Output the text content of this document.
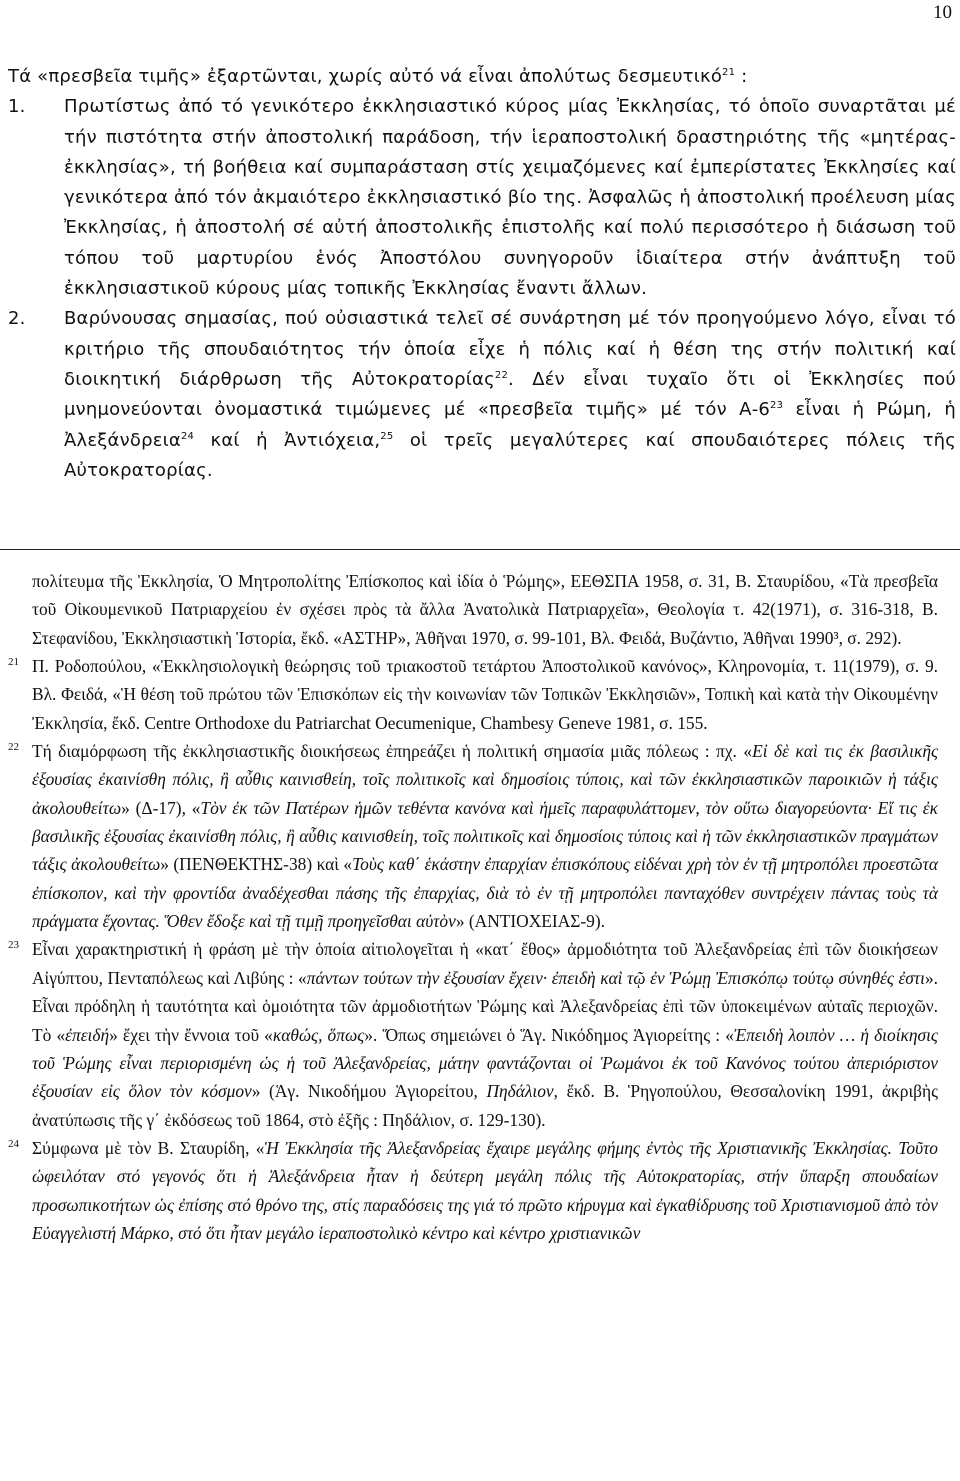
10

Τά «πρεσβεῖα τιμῆς» ἐξαρτῶνται, χωρίς αὐτό νά εἶναι ἀπολύτως δεσμευτικό$^{21}$ :

1. Πρωτίστως ἀπό τό γενικότερο ἐκκλησιαστικό κύρος μίας Ἐκκλησίας, τό ὁποῖο συναρτᾶται μέ τήν πιστότητα στήν ἀποστολική παράδοση, τήν ἱεραποστολική δραστηριότης τῆς «μητέρας-ἐκκλησίας», τή βοήθεια καί συμπαράσταση στίς χειμαζόμενες καί ἐμπερίστατες Ἐκκλησίες καί γενικότερα ἀπό τόν ἀκμαιότερο ἐκκλησιαστικό βίο της. Ἀσφαλῶς ἡ ἀποστολική προέλευση μίας Ἐκκλησίας, ἡ ἀποστολή σέ αὐτή ἀποστολικῆς ἐπιστολῆς καί πολύ περισσότερο ἡ διάσωση τοῦ τόπου τοῦ μαρτυρίου ἑνός Ἀποστόλου συνηγοροῦν ἰδιαίτερα στήν ἀνάπτυξη τοῦ ἐκκλησιαστικοῦ κύρους μίας τοπικῆς Ἐκκλησίας ἔναντι ἄλλων.

2. Βαρύνουσας σημασίας, πού οὐσιαστικά τελεῖ σέ συνάρτηση μέ τόν προηγούμενο λόγο, εἶναι τό κριτήριο τῆς σπουδαιότητος τήν ὁποία εἶχε ἡ πόλις καί ἡ θέση της στήν πολιτική καί διοικητική διάρθρωση τῆς Αὐτοκρατορίας$^{22}$. Δέν εἶναι τυχαῖο ὅτι οἱ Ἐκκλησίες πού μνημονεύονται ὀνομαστικά τιμώμενες μέ «πρεσβεῖα τιμῆς» μέ τόν $A-6^{23}$ εἶναι ἡ Ρώμη, ἡ Ἀλεξάνδρεια$^{24}$ καί ἡ Ἀντιόχεια,$^{25}$ οἱ τρεῖς μεγαλύτερες καί σπουδαιότερες πόλεις τῆς Αὐτοκρατορίας.

πολίτευμα τῆς Ἐκκλησία, Ὁ Μητροπολίτης Ἐπίσκοπος καὶ ἰδία ὁ Ῥώμης», ΕΕΘΣΠΑ 1958, σ. 31, Β. Σταυρίδου, «Τὰ πρεσβεῖα τοῦ Οἰκουμενικοῦ Πατριαρχείου ἐν σχέσει πρὸς τὰ ἄλλα Ἀνατολικὰ Πατριαρχεῖα», Θεολογία τ. 42(1971), σ. 316-318, Β. Στεφανίδου, Ἐκκλησιαστικὴ Ἱστορία, ἔκδ. «ΑΣΤΗΡ», Ἀθῆναι 1970, σ. 99-101, Βλ. Φειδά, Βυζάντιο, Ἀθῆναι 1990³, σ. 292).

21 Π. Ροδοπούλου, «Ἐκκλησιολογικὴ θεώρησις τοῦ τριακοστοῦ τετάρτου Ἀποστολικοῦ κανόνος», Κληρονομία, τ. 11(1979), σ. 9. Βλ. Φειδά, «Ἡ θέση τοῦ πρώτου τῶν Ἐπισκόπων εἰς τὴν κοινωνίαν τῶν Τοπικῶν Ἐκκλησιῶν», Τοπικὴ καὶ κατὰ τὴν Οἰκουμένην Ἐκκλησία, ἔκδ. Centre Orthodoxe du Patriarchat Oecumenique, Chambesy Geneve 1981, σ. 155.

22 Τή διαμόρφωση τῆς ἐκκλησιαστικῆς διοικήσεως ἐπηρεάζει ἡ πολιτική σημασία μιᾶς πόλεως : πχ. «Εἰ δὲ καὶ τις ἐκ βασιλικῆς ἐξουσίας ἐκαινίσθη πόλις, ἢ αὖθις καινισθείη, τοῖς πολιτικοῖς καὶ δημοσίοις τύποις, καὶ τῶν ἐκκλησιαστικῶν παροικιῶν ἡ τάξις ἀκολουθείτω» (Δ-17), «Τὸν ἐκ τῶν Πατέρων ἡμῶν τεθέντα κανόνα καὶ ἡμεῖς παραφυλάττομεν, τὸν οὕτω διαγορεύοντα· Εἴ τις ἐκ βασιλικῆς ἐξουσίας ἐκαινίσθη πόλις, ἢ αὖθις καινισθείη, τοῖς πολιτικοῖς καὶ δημοσίοις τύποις καὶ ἡ τῶν ἐκκλησιαστικῶν πραγμάτων τάξις ἀκολουθείτω» (ΠΕΝΘΕΚΤΗΣ-38) καὶ «Τοὺς καθ΄ ἑκάστην ἐπαρχίαν ἐπισκόπους εἰδέναι χρὴ τὸν ἐν τῇ μητροπόλει προεστῶτα ἐπίσκοπον, καὶ τὴν φροντίδα ἀναδέχεσθαι πάσης τῆς ἐπαρχίας, διὰ τὸ ἐν τῇ μητροπόλει πανταχόθεν συντρέχειν πάντας τοὺς τὰ πράγματα ἔχοντας. Ὅθεν ἔδοξε καὶ τῇ τιμῇ προηγεῖσθαι αὐτὸν» (ΑΝΤΙΟΧΕΙΑΣ-9).

23 Εἶναι χαρακτηριστική ἡ φράση μὲ τὴν ὁποία αἰτιολογεῖται ἡ «κατ΄ ἔθος» ἀρμοδιότητα τοῦ Ἀλεξανδρείας ἐπὶ τῶν διοικήσεων Αἰγύπτου, Πενταπόλεως καὶ Λιβύης : «πάντων τούτων τὴν ἐξουσίαν ἔχειν· ἐπειδὴ καὶ τῷ ἐν Ῥώμῃ Ἐπισκόπῳ τούτῳ σύνηθές ἐστι». Εἶναι πρόδηλη ἡ ταυτότητα καὶ ὁμοιότητα τῶν ἀρμοδιοτήτων Ῥώμης καὶ Ἀλεξανδρείας ἐπὶ τῶν ὑποκειμένων αὐταῖς περιοχῶν. Τὸ «ἐπειδή» ἔχει τὴν ἔννοια τοῦ «καθώς, ὅπως». Ὅπως σημειώνει ὁ Ἅγ. Νικόδημος Ἁγιορείτης : «Ἐπειδὴ λοιπὸν … ἡ διοίκησις τοῦ Ῥώμης εἶναι περιορισμένη ὡς ἡ τοῦ Ἀλεξανδρείας, μάτην φαντάζονται οἱ Ῥωμάνοι ἐκ τοῦ Κανόνος τούτου ἀπεριόριστον ἐξουσίαν εἰς ὅλον τὸν κόσμον» (Ἁγ. Νικοδήμου Ἁγιορείτου, Πηδάλιον, ἔκδ. Β. Ῥηγοπούλου, Θεσσαλονίκη 1991, ἀκριβὴς ἀνατύπωσις τῆς γ΄ ἐκδόσεως τοῦ 1864, στὸ ἐξῆς : Πηδάλιον, σ. 129-130).

24 Σύμφωνα μὲ τὸν Β. Σταυρίδη, «Ἡ Ἐκκλησία τῆς Ἀλεξανδρείας ἔχαιρε μεγάλης φήμης ἐντὸς τῆς Χριστιανικῆς Ἐκκλησίας. Τοῦτο ὠφειλόταν στό γεγονός ὅτι ἡ Ἀλεξάνδρεια ἦταν ἡ δεύτερη μεγάλη πόλις τῆς Αὐτοκρατορίας, στήν ὕπαρξη σπουδαίων προσωπικοτήτων ὡς ἐπίσης στό θρόνο της, στίς παραδόσεις της γιά τό πρῶτο κήρυγμα καὶ ἐγκαθίδρυσης τοῦ Χριστιανισμοῦ ἀπὸ τὸν Εὐαγγελιστή Μάρκο, στό ὅτι ἦταν μεγάλο ἱεραποστολικὸ κέντρο καὶ κέντρο χριστιανικῶν
